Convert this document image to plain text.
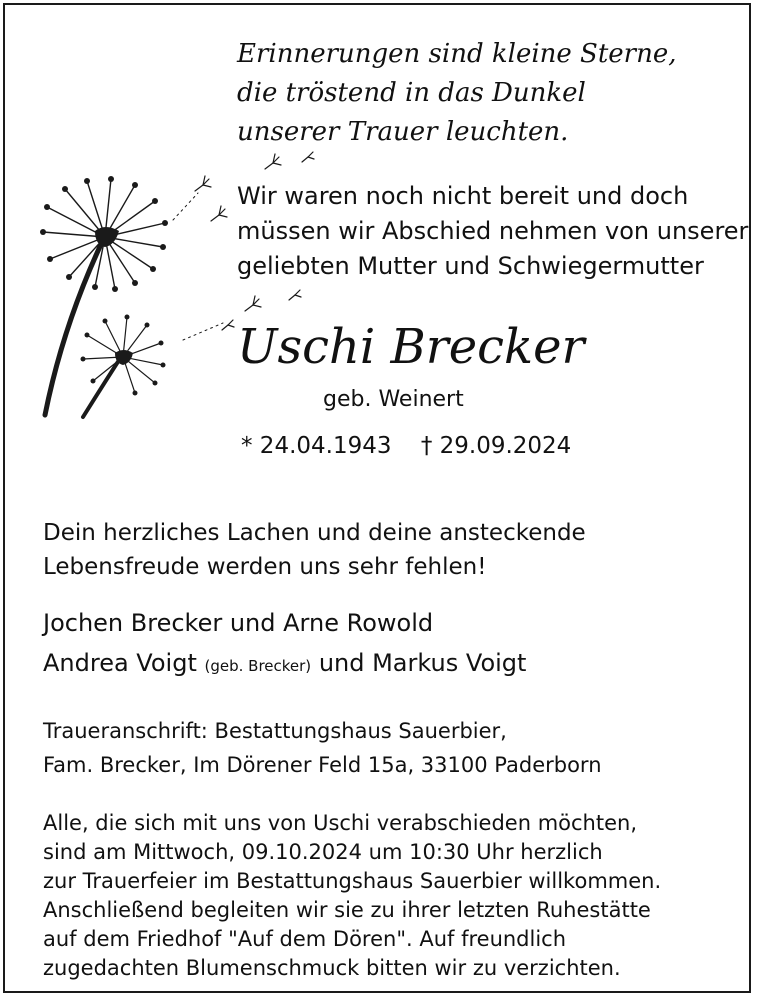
Erinnerungen sind kleine Sterne,
die tröstend in das Dunkel
unserer Trauer leuchten.
Wir waren noch nicht bereit und doch
müssen wir Abschied nehmen von unserer
geliebten Mutter und Schwiegermutter
Uschi Brecker
geb. Weinert
* 24.04.1943 † 29.09.2024
Dein herzliches Lachen und deine ansteckende
Lebensfreude werden uns sehr fehlen!
Jochen Brecker und Arne Rowold
Andrea Voigt (geb. Brecker) und Markus Voigt
Traueranschrift: Bestattungshaus Sauerbier,
Fam. Brecker, Im Dörener Feld 15a, 33100 Paderborn
Alle, die sich mit uns von Uschi verabschieden möchten,
sind am Mittwoch, 09.10.2024 um 10:30 Uhr herzlich
zur Trauerfeier im Bestattungshaus Sauerbier willkommen.
Anschließend begleiten wir sie zu ihrer letzten Ruhestätte
auf dem Friedhof "Auf dem Dören". Auf freundlich
zugedachten Blumenschmuck bitten wir zu verzichten.
